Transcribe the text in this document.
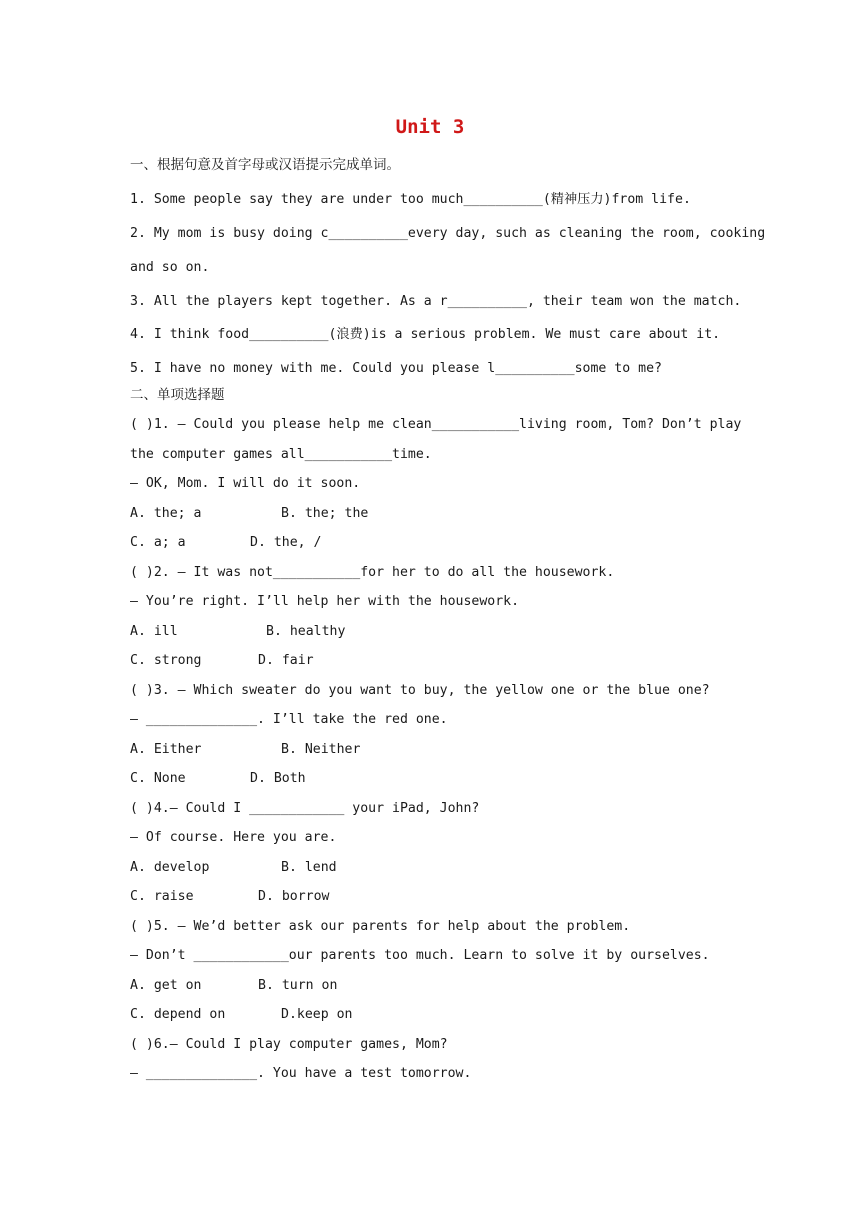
Unit 3
一、根据句意及首字母或汉语提示完成单词。
1. Some people say they are under too much__________(精神压力)from life.
2. My mom is busy doing c__________every day, such as cleaning the room, cooking
and so on.
3. All the players kept together. As a r__________, their team won the match.
4. I think food__________(浪费)is a serious problem. We must care about it.
5. I have no money with me. Could you please l__________some to me?
二、单项选择题
( )1. — Could you please help me clean___________living room, Tom? Don’t play
the computer games all___________time.
— OK, Mom. I will do it soon.
A. the; a	B. the; the
C. a; a	D. the, /
( )2. — It was not___________for her to do all the housework.
— You’re right. I’ll help her with the housework.
A. ill	B. healthy
C. strong	D. fair
( )3. — Which sweater do you want to buy, the yellow one or the blue one?
— ______________. I’ll take the red one.
A. Either	B. Neither
C. None	D. Both
( )4.— Could I ____________ your iPad, John?
— Of course. Here you are.
A. develop	B. lend
C. raise	D. borrow
( )5. — We’d better ask our parents for help about the problem.
— Don’t ____________our parents too much. Learn to solve it by ourselves.
A. get on	B. turn on
C. depend on	D.keep on
( )6.— Could I play computer games, Mom?
— ______________. You have a test tomorrow.
